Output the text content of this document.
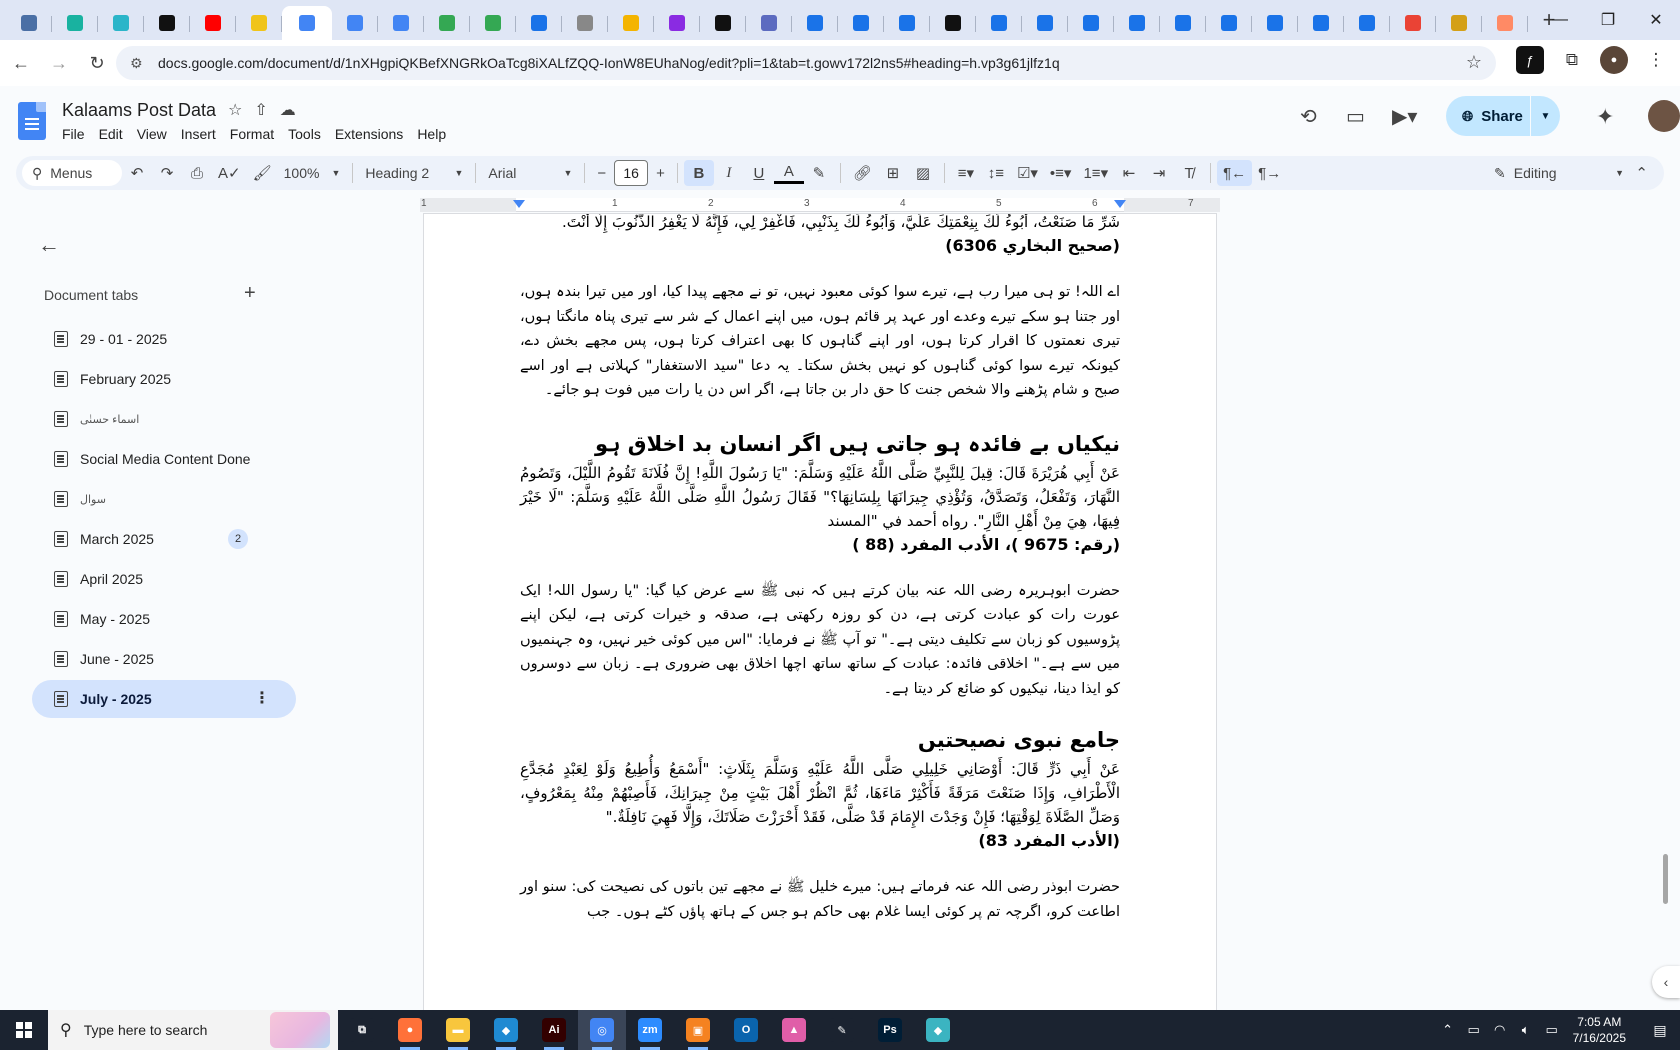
+
—	❐	✕
←	→	↻	⚙	docs.google.com/document/d/1nXHgpiQKBefXNGRkOaTcg8iXALfZQQ-IonW8EUhaNog/edit?pli=1&tab=t.gowv172l2ns5#heading=h.vp3g61jlfz1q	☆	ƒ	⧉	●	⋮
Kalaams Post Data ☆ ⇧ ☁
File	Edit	View	Insert	Format	Tools	Extensions	Help
⟲ ▭ ▶▾	🌐︎ Share	▼	✦
⚲ Menus	↶	↷	⎙	A✓ 🖌︎ 100% ▼ Heading 2	▼ Arial	▼	−	16	+	B	I	U	A	✎	🔗︎ ⊞	▨	≡▾ ↕≡ ☑▾ •≡▾ 1≡▾ ⇤	⇥	T̸	¶← ¶→	✎ Editing	▼ ⌃
1	1	2	3	4	5	6	7
←
Document tabs	+
29 - 01 - 2025
February 2025
اسماء حسنٰی
Social Media Content Done
سوال
March 2025	2
April 2025
May - 2025
June - 2025
July - 2025	⋮

شَرِّ مَا صَنَعْتُ، أَبُوءُ لَكَ بِنِعْمَتِكَ عَلَيَّ، وَأَبُوءُ لَكَ بِذَنْبِي، فَاغْفِرْ لِي، فَإِنَّهُ لَا يَغْفِرُ الذُّنُوبَ إِلَّا أَنْتَ.

(صحيح البخاري 6306)

اے اللہ! تو ہی میرا رب ہے، تیرے سوا کوئی معبود نہیں، تو نے مجھے پیدا کیا، اور میں تیرا بندہ ہوں، اور جتنا ہو سکے تیرے وعدے اور عہد پر قائم ہوں، میں اپنے اعمال کے شر سے تیری پناہ مانگتا ہوں، تیری نعمتوں کا اقرار کرتا ہوں، اور اپنے گناہوں کا بھی اعتراف کرتا ہوں، پس مجھے بخش دے، کیونکہ تیرے سوا کوئی گناہوں کو نہیں بخش سکتا۔ یہ دعا "سید الاستغفار" کہلاتی ہے اور اسے صبح و شام پڑھنے والا شخص جنت کا حق دار بن جاتا ہے، اگر اس دن یا رات میں فوت ہو جائے۔

نیکیاں بے فائدہ ہو جاتی ہیں اگر انسان بد اخلاق ہو

عَنْ أَبِي هُرَيْرَةَ قَالَ: قِيلَ لِلنَّبِيِّ صَلَّى اللَّهُ عَلَيْهِ وَسَلَّمَ: "يَا رَسُولَ اللَّهِ! إِنَّ فُلَانَةَ تَقُومُ اللَّيْلَ، وَتَصُومُ النَّهَارَ، وَتَفْعَلُ، وَتَصَدَّقُ، وَتُؤْذِي جِيرَانَهَا بِلِسَانِهَا؟" فَقَالَ رَسُولُ اللَّهِ صَلَّى اللَّهُ عَلَيْهِ وَسَلَّمَ: "لَا خَيْرَ فِيهَا، هِيَ مِنْ أَهْلِ النَّارِ". رواه أحمد في "المسند

(رقم: 9675 )، الأدب المفرد (88 )

حضرت ابوہریرہ رضی اللہ عنہ بیان کرتے ہیں کہ نبی ﷺ سے عرض کیا گیا: "یا رسول اللہ! ایک عورت رات کو عبادت کرتی ہے، دن کو روزہ رکھتی ہے، صدقہ و خیرات کرتی ہے، لیکن اپنے پڑوسیوں کو زبان سے تکلیف دیتی ہے۔" تو آپ ﷺ نے فرمایا: "اس میں کوئی خیر نہیں، وہ جہنمیوں میں سے ہے۔" اخلاقی فائدہ: عبادت کے ساتھ ساتھ اچھا اخلاق بھی ضروری ہے۔ زبان سے دوسروں کو ایذا دینا، نیکیوں کو ضائع کر دیتا ہے۔

جامع نبوی نصیحتیں

عَنْ أَبِي ذَرٍّ قَالَ: أَوْصَانِي خَلِيلِي صَلَّى اللَّهُ عَلَيْهِ وَسَلَّمَ بِثَلَاثٍ: "أَسْمَعُ وَأُطِيعُ وَلَوْ لِعَبْدٍ مُجَدَّعِ الْأَطْرَافِ، وَإِذَا صَنَعْتَ مَرَقَةً فَأَكْثِرْ مَاءَهَا، ثُمَّ انْظُرْ أَهْلَ بَيْتٍ مِنْ جِيرَانِكَ، فَأَصِبْهُمْ مِنْهُ بِمَعْرُوفٍ، وَصَلِّ الصَّلَاةَ لِوَقْتِهَا؛ فَإِنْ وَجَدْتَ الإِمَامَ قَدْ صَلَّى، فَقَدْ أَحْرَزْتَ صَلَاتَكَ، وَإِلَّا فَهِيَ نَافِلَةٌ."

(الأدب المفرد 83)

حضرت ابوذر رضی اللہ عنہ فرماتے ہیں: میرے خلیل ﷺ نے مجھے تین باتوں کی نصیحت کی: سنو اور اطاعت کرو، اگرچہ تم پر کوئی ایسا غلام بھی حاکم ہو جس کے ہاتھ پاؤں کٹے ہوں۔ جب

‹
⚲ Type here to search	⧉	●	▬	◆	Ai	◎	zm	▣	O	▲	✎	Ps	◆	⌃	▭	◠	🔈︎	▭	7:05 AM
7/16/2025
▤
